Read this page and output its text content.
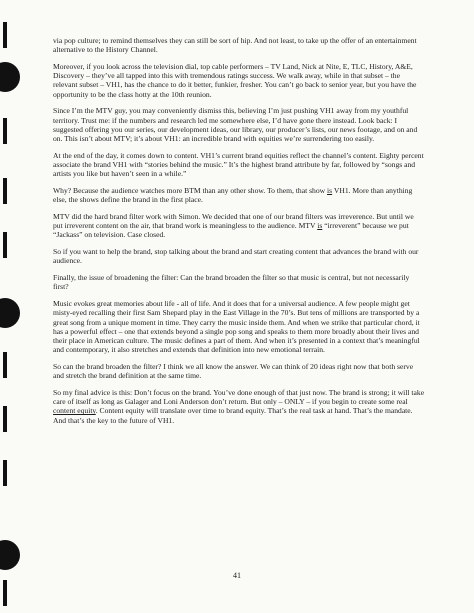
via pop culture; to remind themselves they can still be sort of hip. And not least, to take up the offer of an entertainment alternative to the History Channel.

Moreover, if you look across the television dial, top cable performers – TV Land, Nick at Nite, E, TLC, History, A&E, Discovery – they’ve all tapped into this with tremendous ratings success. We walk away, while in that subset – the relevant subset – VH1, has the chance to do it better, funkier, fresher. You can’t go back to senior year, but you have the opportunity to be the class hotty at the 10th reunion.

Since I’m the MTV guy, you may conveniently dismiss this, believing I’m just pushing VH1 away from my youthful territory. Trust me: if the numbers and research led me somewhere else, I’d have gone there instead. Look back: I suggested offering you our series, our development ideas, our library, our producer’s lists, our news footage, and on and on. This isn’t about MTV; it’s about VH1: an incredible brand with equities we’re surrendering too easily.

At the end of the day, it comes down to content. VH1’s current brand equities reflect the channel’s content. Eighty percent associate the brand VH1 with “stories behind the music.” It’s the highest brand attribute by far, followed by “songs and artists you like but haven’t seen in a while.”

Why? Because the audience watches more BTM than any other show. To them, that show is VH1. More than anything else, the shows define the brand in the first place.

MTV did the hard brand filter work with Simon. We decided that one of our brand filters was irreverence. But until we put irreverent content on the air, that brand work is meaningless to the audience. MTV is “irreverent” because we put “Jackass” on television. Case closed.

So if you want to help the brand, stop talking about the brand and start creating content that advances the brand with our audience.

Finally, the issue of broadening the filter: Can the brand broaden the filter so that music is central, but not necessarily first?

Music evokes great memories about life - all of life. And it does that for a universal audience. A few people might get misty-eyed recalling their first Sam Shepard play in the East Village in the 70’s. But tens of millions are transported by a great song from a unique moment in time. They carry the music inside them. And when we strike that particular chord, it has a powerful effect – one that extends beyond a single pop song and speaks to them more broadly about their lives and their place in American culture. The music defines a part of them. And when it’s presented in a context that’s meaningful and contemporary, it also stretches and extends that definition into new emotional terrain.

So can the brand broaden the filter? I think we all know the answer. We can think of 20 ideas right now that both serve and stretch the brand definition at the same time.

So my final advice is this: Don’t focus on the brand. You’ve done enough of that just now. The brand is strong; it will take care of itself as long as Galager and Loni Anderson don’t return. But only – ONLY – if you begin to create some real content equity. Content equity will translate over time to brand equity. That’s the real task at hand. That’s the mandate. And that’s the key to the future of VH1.

41
